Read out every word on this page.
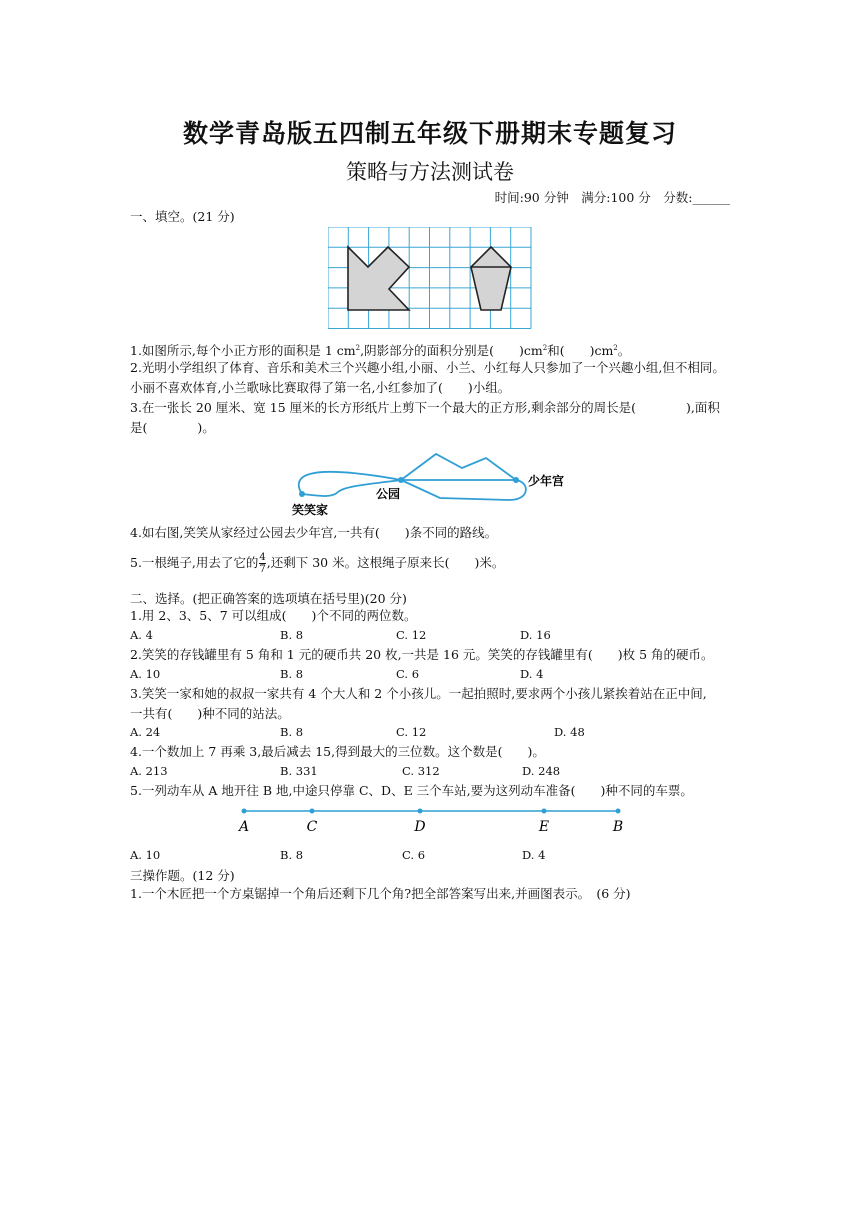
数学青岛版五四制五年级下册期末专题复习
策略与方法测试卷
时间:90 分钟　满分:100 分　分数:______
一、填空。(21 分)
1.如图所示,每个小正方形的面积是 1 $cm^2$,阴影部分的面积分别是(　　)$cm^2$和(　　)$cm^2$。
2.光明小学组织了体育、音乐和美术三个兴趣小组,小丽、小兰、小红每人只参加了一个兴趣小组,但不相同。
小丽不喜欢体育,小兰歌咏比赛取得了第一名,小红参加了(　　)小组。
3.在一张长 20 厘米、宽 15 厘米的长方形纸片上剪下一个最大的正方形,剩余部分的周长是(　　　　),面积
是(　　　　)。
笑笑家
公园
少年宫
4.如右图,笑笑从家经过公园去少年宫,一共有(　　)条不同的路线。
5.一根绳子,用去了它的 $\frac{4}{7}$ ,还剩下 30 米。这根绳子原来长(　　)米。
二、选择。(把正确答案的选项填在括号里)(20 分)
1.用 2、3、5、7 可以组成(　　)个不同的两位数。
A. 4	B. 8	C. 12	D. 16
2.笑笑的存钱罐里有 5 角和 1 元的硬币共 20 枚,一共是 16 元。笑笑的存钱罐里有(　　)枚 5 角的硬币。
A. 10	B. 8	C. 6	D. 4
3.笑笑一家和她的叔叔一家共有 4 个大人和 2 个小孩儿。一起拍照时,要求两个小孩儿紧挨着站在正中间,
一共有(　　)种不同的站法。
A. 24	B. 8	C. 12	D. 48
4.一个数加上 7 再乘 3,最后减去 15,得到最大的三位数。这个数是(　　)。
A. 213	B. 331	C. 312	D. 248
5.一列动车从 A 地开往 B 地,中途只停靠 C、D、E 三个车站,要为这列动车准备(　　)种不同的车票。
A	C	D	E	B
A. 10	B. 8	C. 6	D. 4
三操作题。(12 分)
1.一个木匠把一个方桌锯掉一个角后还剩下几个角?把全部答案写出来,并画图表示。　(6 分)
